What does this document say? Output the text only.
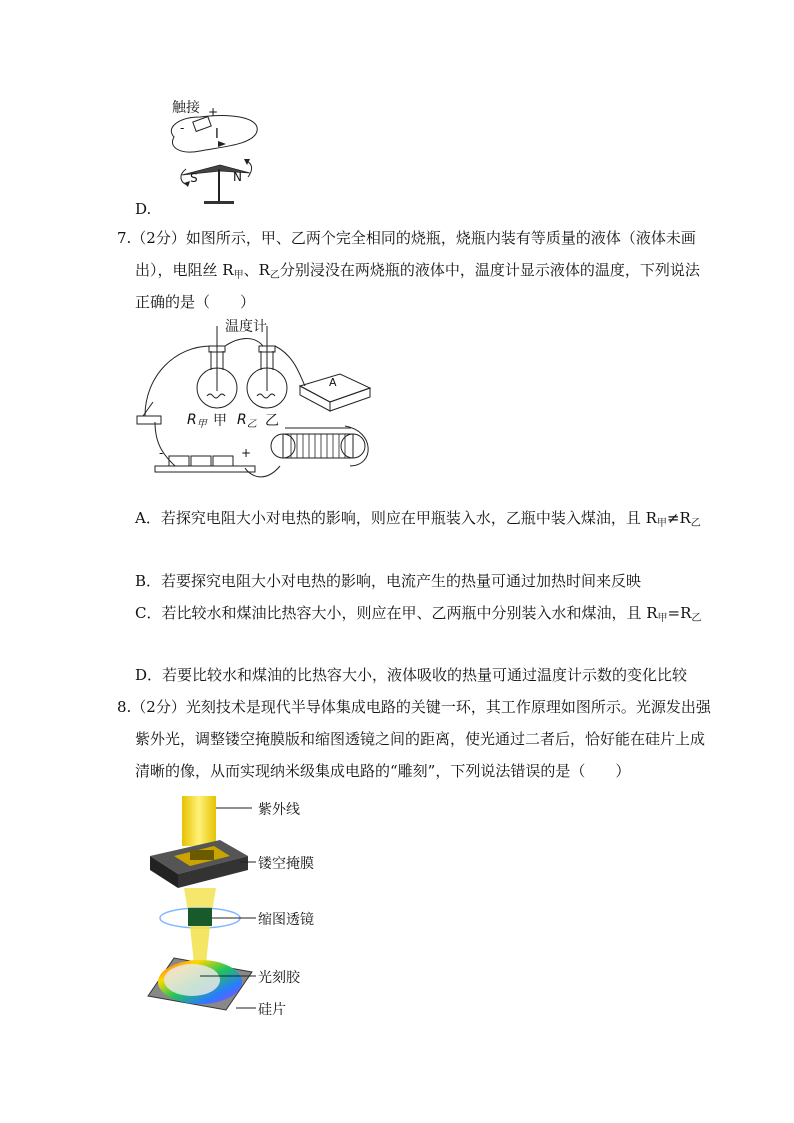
触接
-
+
I
S	N
D.
7.（2分）如图所示，甲、乙两个完全相同的烧瓶，烧瓶内装有等质量的液体（液体未画
出），电阻丝 $R_甲$、$R_乙$分别浸没在两烧瓶的液体中，温度计显示液体的温度，下列说法
正确的是（　　）
温度计
$R_甲$ 甲 $R_乙$ 乙
A
-	+
A．若探究电阻大小对电热的影响，则应在甲瓶装入水，乙瓶中装入煤油，且 $R_甲\ne R_乙$
B．若要探究电阻大小对电热的影响，电流产生的热量可通过加热时间来反映
C．若比较水和煤油比热容大小，则应在甲、乙两瓶中分别装入水和煤油，且 $R_甲=R_乙$
D．若要比较水和煤油的比热容大小，液体吸收的热量可通过温度计示数的变化比较
8.（2分）光刻技术是现代半导体集成电路的关键一环，其工作原理如图所示。光源发出强
紫外光，调整镂空掩膜版和缩图透镜之间的距离，使光通过二者后，恰好能在硅片上成
清晰的像，从而实现纳米级集成电路的“雕刻”，下列说法错误的是（　　）
紫外线
镂空掩膜
缩图透镜
光刻胶
硅片
